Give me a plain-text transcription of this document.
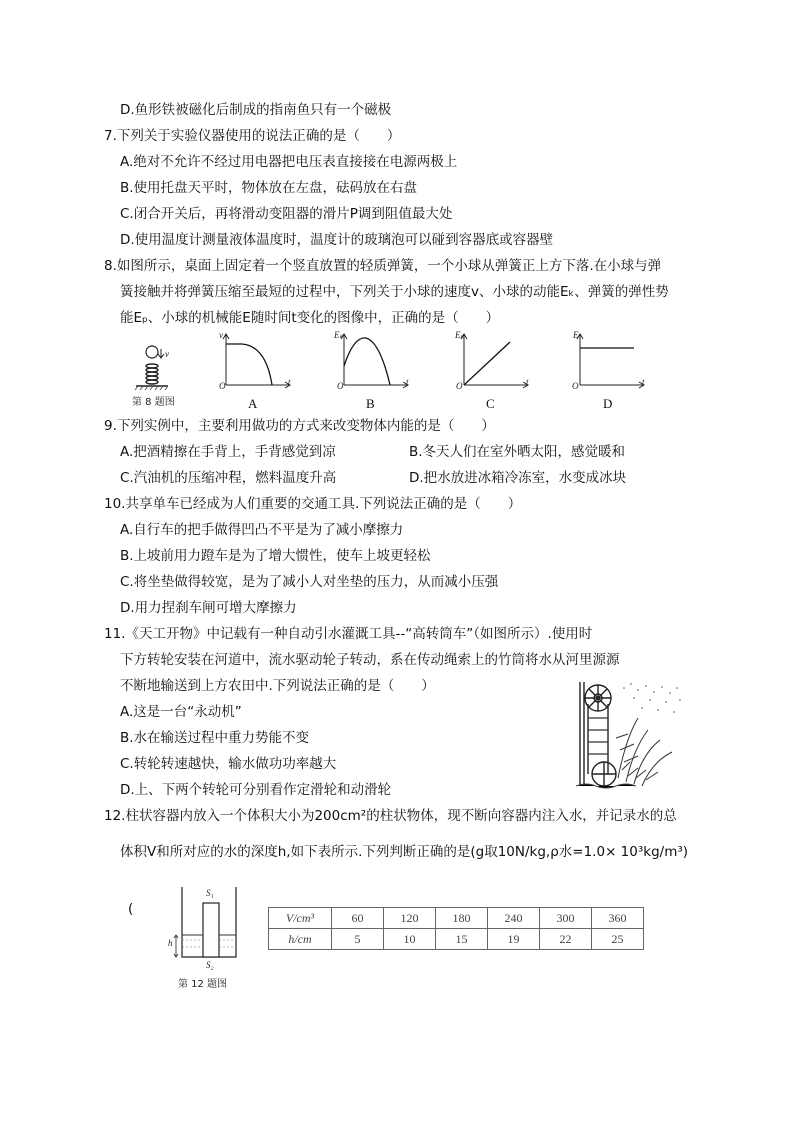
D.鱼形铁被磁化后制成的指南鱼只有一个磁极
7.下列关于实验仪器使用的说法正确的是（　　）
A.绝对不允许不经过用电器把电压表直接接在电源两极上
B.使用托盘天平时，物体放在左盘，砝码放在右盘
C.闭合开关后，再将滑动变阻器的滑片P调到阻值最大处
D.使用温度计测量液体温度时，温度计的玻璃泡可以碰到容器底或容器壁
8.如图所示，桌面上固定着一个竖直放置的轻质弹簧，一个小球从弹簧正上方下落.在小球与弹
簧接触并将弹簧压缩至最短的过程中，下列关于小球的速度v、小球的动能Eₖ、弹簧的弹性势
能Eₚ、小球的机械能E随时间t变化的图像中，正确的是（　　）
v
第 8 题图
v
O	t
A
Eₖ
O	t
B
Eₚ
O	t
C
E
O	t
D
9.下列实例中，主要利用做功的方式来改变物体内能的是（　　）
A.把酒精擦在手背上，手背感觉到凉	B.冬天人们在室外晒太阳，感觉暖和
C.汽油机的压缩冲程，燃料温度升高	D.把水放进冰箱冷冻室，水变成冰块
10.共享单车已经成为人们重要的交通工具.下列说法正确的是（　　）
A.自行车的把手做得凹凸不平是为了减小摩擦力
B.上坡前用力蹬车是为了增大惯性，使车上坡更轻松
C.将坐垫做得较宽，是为了减小人对坐垫的压力，从而减小压强
D.用力捏刹车闸可增大摩擦力
11.《天工开物》中记载有一种自动引水灌溉工具--“高转筒车”（如图所示）.使用时
下方转轮安装在河道中，流水驱动轮子转动，系在传动绳索上的竹筒将水从河里源源
不断地输送到上方农田中.下列说法正确的是（　　）
A.这是一台“永动机”
B.水在输送过程中重力势能不变
C.转轮转速越快，输水做功功率越大
D.上、下两个转轮可分别看作定滑轮和动滑轮
12.柱状容器内放入一个体积大小为200cm²的柱状物体，现不断向容器内注入水，并记录水的总
体积V和所对应的水的深度h,如下表所示.下列判断正确的是(g取10N/kg,ρ水=1.0× 10³kg/m³)
(
S₁
S₂
h
第 12 题图
V/cm³	60	120	180	240	300	360
h/cm	5	10	15	19	22	25
